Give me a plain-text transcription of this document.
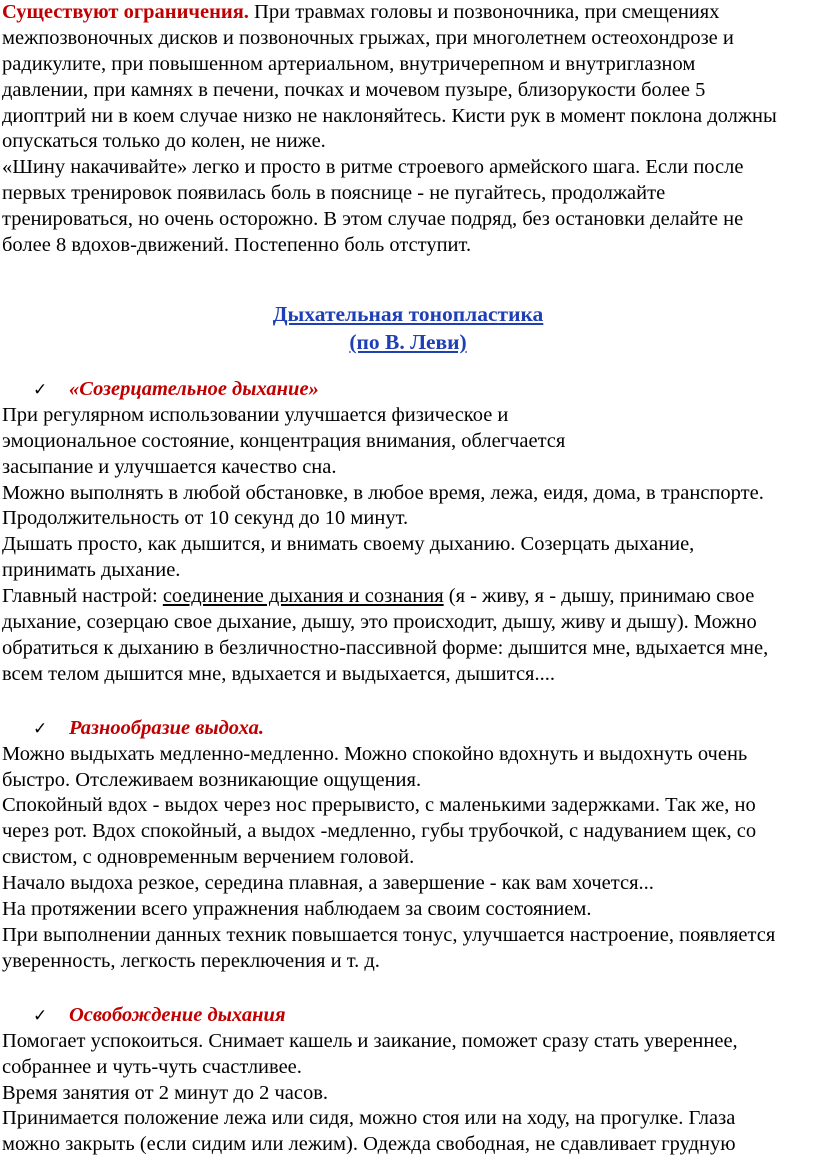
Существуют ограничения. При травмах головы и позвоночника, при смещениях
межпозвоночных дисков и позвоночных грыжах, при многолетнем остеохондрозе и
радикулите, при повышенном артериальном, внутричерепном и внутриглазном
давлении, при камнях в печени, почках и мочевом пузыре, близорукости более 5
диоптрий ни в коем случае низко не наклоняйтесь. Кисти рук в момент поклона должны
опускаться только до колен, не ниже.
«Шину накачивайте» легко и просто в ритме строевого армейского шага. Если после
первых тренировок появилась боль в пояснице - не пугайтесь, продолжайте
тренироваться, но очень осторожно. В этом случае подряд, без остановки делайте не
более 8 вдохов-движений. Постепенно боль отступит.
Дыхательная тонопластика
(по В. Леви)
✓ «Созерцательное дыхание»
При регулярном использовании улучшается физическое и
эмоциональное состояние, концентрация внимания, облегчается
засыпание и улучшается качество сна.
Можно выполнять в любой обстановке, в любое время, лежа, еидя, дома, в транспорте.
Продолжительность от 10 секунд до 10 минут.
Дышать просто, как дышится, и внимать своему дыханию. Созерцать дыхание,
принимать дыхание.
Главный настрой: соединение дыхания и сознания (я - живу, я - дышу, принимаю свое
дыхание, созерцаю свое дыхание, дышу, это происходит, дышу, живу и дышу). Можно
обратиться к дыханию в безличностно-пассивной форме: дышится мне, вдыхается мне,
всем телом дышится мне, вдыхается и выдыхается, дышится....
✓ Разнообразие выдоха.
Можно выдыхать медленно-медленно. Можно спокойно вдохнуть и выдохнуть очень
быстро. Отслеживаем возникающие ощущения.
Спокойный вдох - выдох через нос прерывисто, с маленькими задержками. Так же, но
через рот. Вдох спокойный, а выдох -медленно, губы трубочкой, с надуванием щек, со
свистом, с одновременным верчением головой.
Начало выдоха резкое, середина плавная, а завершение - как вам хочется...
На протяжении всего упражнения наблюдаем за своим состоянием.
При выполнении данных техник повышается тонус, улучшается настроение, появляется
уверенность, легкость переключения и т. д.
✓ Освобождение дыхания
Помогает успокоиться. Снимает кашель и заикание, поможет сразу стать увереннее,
собраннее и чуть-чуть счастливее.
Время занятия от 2 минут до 2 часов.
Принимается положение лежа или сидя, можно стоя или на ходу, на прогулке. Глаза
можно закрыть (если сидим или лежим). Одежда свободная, не сдавливает грудную
